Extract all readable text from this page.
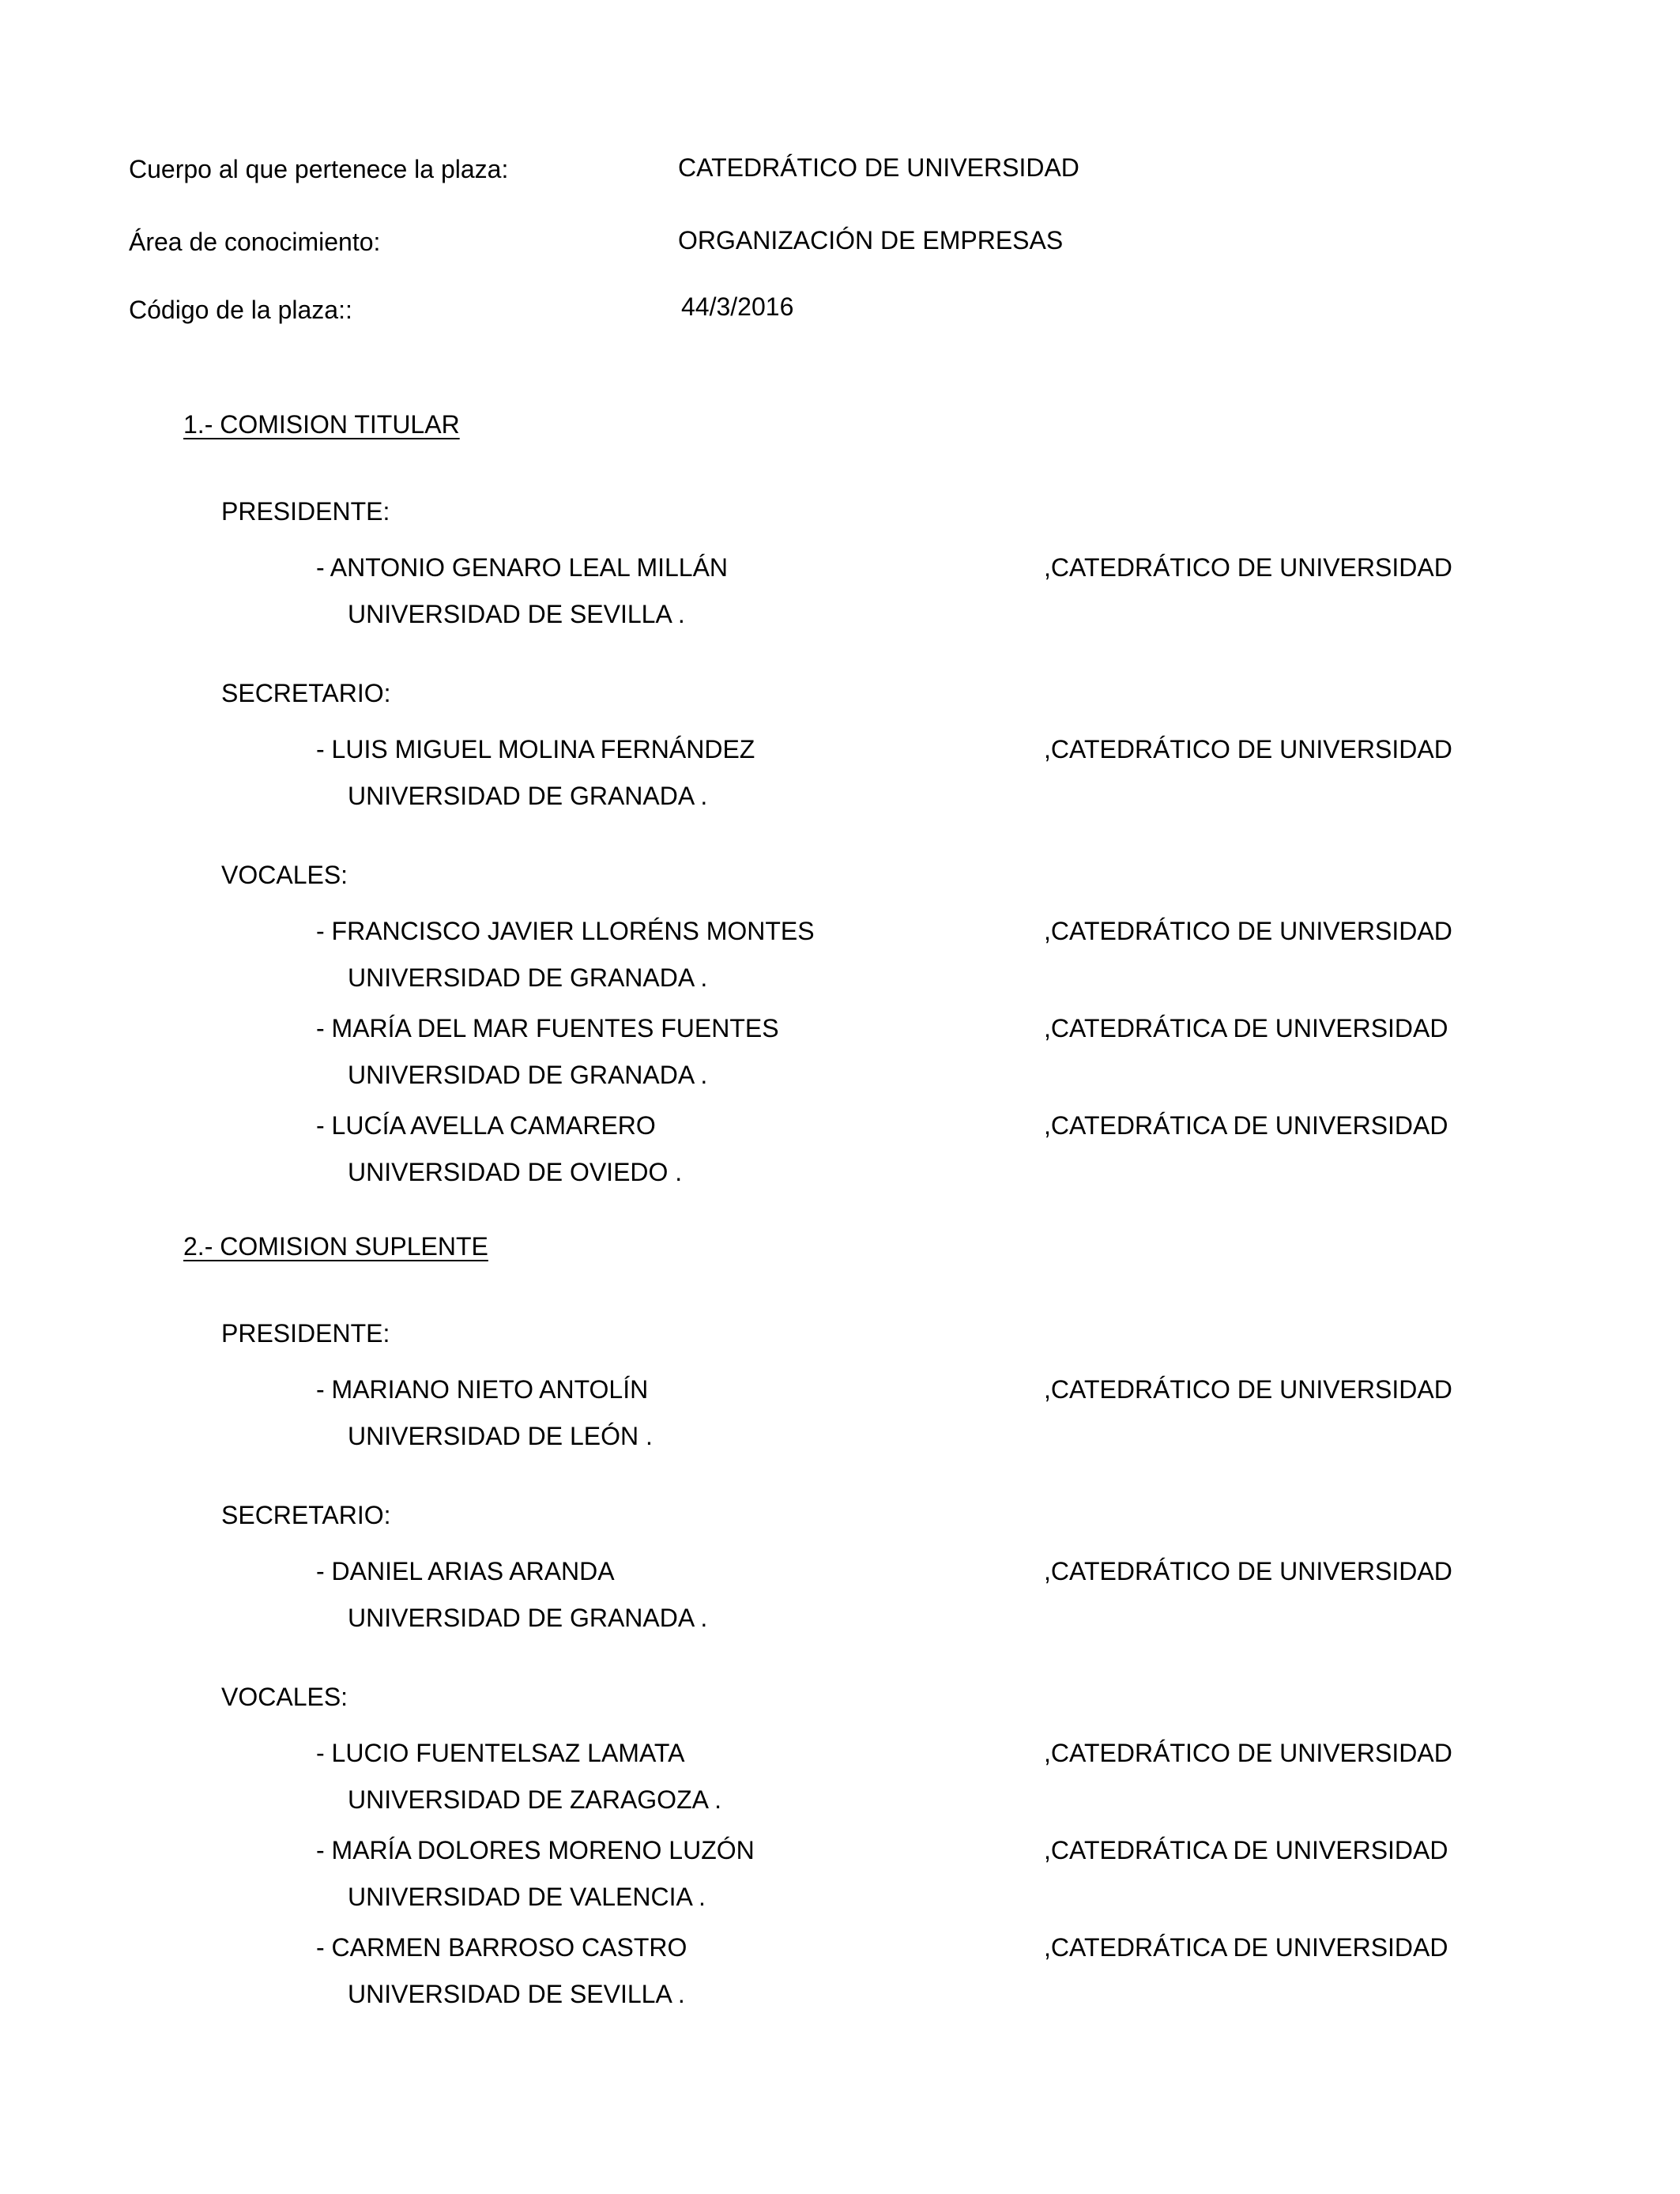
Cuerpo al que pertenece la plaza:	CATEDRÁTICO DE UNIVERSIDAD
Área de conocimiento:	ORGANIZACIÓN DE EMPRESAS
Código de la plaza::	44/3/2016
1.- COMISION TITULAR
PRESIDENTE:
- ANTONIO GENARO LEAL MILLÁN	,CATEDRÁTICO DE UNIVERSIDAD
UNIVERSIDAD DE SEVILLA .
SECRETARIO:
- LUIS MIGUEL MOLINA FERNÁNDEZ	,CATEDRÁTICO DE UNIVERSIDAD
UNIVERSIDAD DE GRANADA .
VOCALES:
- FRANCISCO JAVIER LLORÉNS MONTES	,CATEDRÁTICO DE UNIVERSIDAD
UNIVERSIDAD DE GRANADA .
- MARÍA DEL MAR FUENTES FUENTES	,CATEDRÁTICA DE UNIVERSIDAD
UNIVERSIDAD DE GRANADA .
- LUCÍA AVELLA CAMARERO	,CATEDRÁTICA DE UNIVERSIDAD
UNIVERSIDAD DE OVIEDO .
2.- COMISION SUPLENTE
PRESIDENTE:
- MARIANO NIETO ANTOLÍN	,CATEDRÁTICO DE UNIVERSIDAD
UNIVERSIDAD DE LEÓN .
SECRETARIO:
- DANIEL ARIAS ARANDA	,CATEDRÁTICO DE UNIVERSIDAD
UNIVERSIDAD DE GRANADA .
VOCALES:
- LUCIO FUENTELSAZ LAMATA	,CATEDRÁTICO DE UNIVERSIDAD
UNIVERSIDAD DE ZARAGOZA .
- MARÍA DOLORES MORENO LUZÓN	,CATEDRÁTICA DE UNIVERSIDAD
UNIVERSIDAD DE VALENCIA .
- CARMEN BARROSO CASTRO	,CATEDRÁTICA DE UNIVERSIDAD
UNIVERSIDAD DE SEVILLA .
